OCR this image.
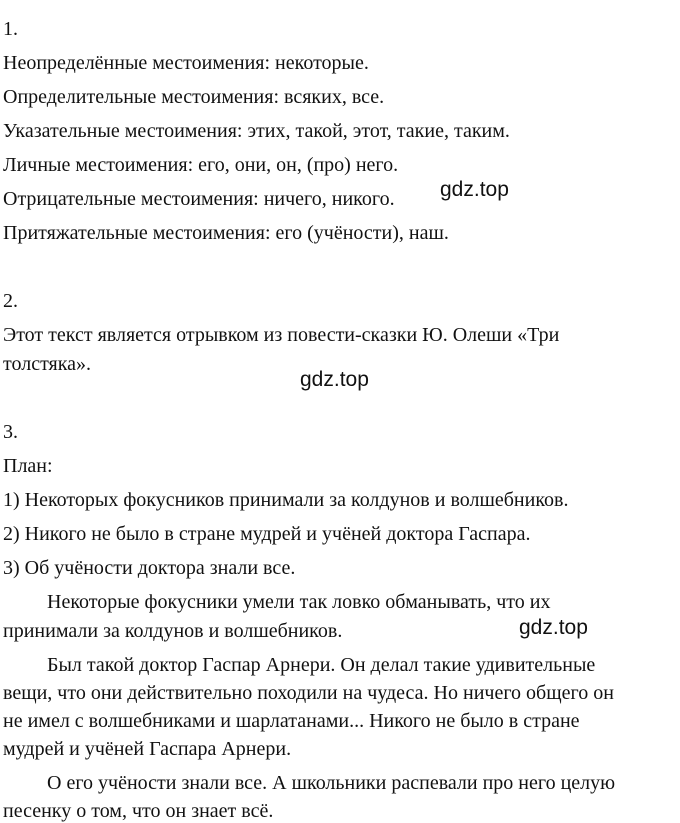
1.
Неопределённые местоимения: некоторые.
Определительные местоимения: всяких, все.
Указательные местоимения: этих, такой, этот, такие, таким.
Личные местоимения: его, они, он, (про) него.
Отрицательные местоимения: ничего, никого.
Притяжательные местоимения: его (учёности), наш.
2.
Этот текст является отрывком из повести-сказки Ю. Олеши «Три
толстяка».
3.
План:
1) Некоторых фокусников принимали за колдунов и волшебников.
2) Никого не было в стране мудрей и учёней доктора Гаспара.
3) Об учёности доктора знали все.
Некоторые фокусники умели так ловко обманывать, что их
принимали за колдунов и волшебников.
Был такой доктор Гаспар Арнери. Он делал такие удивительные
вещи, что они действительно походили на чудеса. Но ничего общего он
не имел с волшебниками и шарлатанами... Никого не было в стране
мудрей и учёней Гаспара Арнери.
О его учёности знали все. А школьники распевали про него целую
песенку о том, что он знает всё.
gdz.top
gdz.top
gdz.top
